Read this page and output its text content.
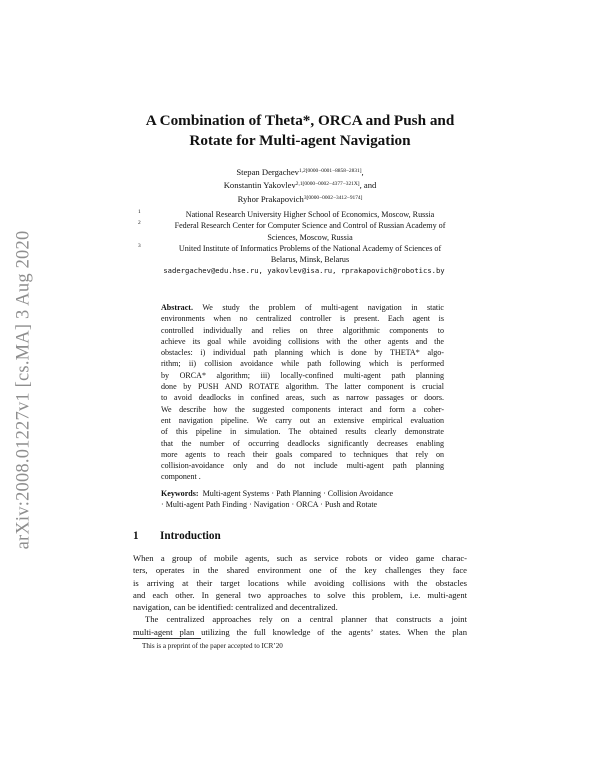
arXiv:2008.01227v1 [cs.MA] 3 Aug 2020
A Combination of Theta*, ORCA and Push and
Rotate for Multi-agent Navigation
Stepan Dergachev$^{1,2[0000-0001-8858-2831]}$,
Konstantin Yakovlev$^{2,1[0000-0002-4377-321X]}$, and
Ryhor Prakapovich$^{3[0000-0002-3412-9174]}$
1	National Research University Higher School of Economics, Moscow, Russia
2	Federal Research Center for Computer Science and Control of Russian Academy of
Sciences, Moscow, Russia
3	United Institute of Informatics Problems of the National Academy of Sciences of
Belarus, Minsk, Belarus
sadergachev@edu.hse.ru, yakovlev@isa.ru, rprakapovich@robotics.by
Abstract. We study the problem of multi-agent navigation in static
environments when no centralized controller is present. Each agent is
controlled individually and relies on three algorithmic components to
achieve its goal while avoiding collisions with the other agents and the
obstacles: i) individual path planning which is done by THETA* algo-
rithm; ii) collision avoidance while path following which is performed
by ORCA* algorithm; iii) locally-confined multi-agent path planning
done by PUSH AND ROTATE algorithm. The latter component is crucial
to avoid deadlocks in confined areas, such as narrow passages or doors.
We describe how the suggested components interact and form a coher-
ent navigation pipeline. We carry out an extensive empirical evaluation
of this pipeline in simulation. The obtained results clearly demonstrate
that the number of occurring deadlocks significantly decreases enabling
more agents to reach their goals compared to techniques that rely on
collision-avoidance only and do not include multi-agent path planning
component .
Keywords: Multi-agent Systems · Path Planning · Collision Avoidance
· Multi-agent Path Finding · Navigation · ORCA · Push and Rotate
1 Introduction
When a group of mobile agents, such as service robots or video game charac-
ters, operates in the shared environment one of the key challenges they face
is arriving at their target locations while avoiding collisions with the obstacles
and each other. In general two approaches to solve this problem, i.e. multi-agent
navigation, can be identified: centralized and decentralized.
The centralized approaches rely on a central planner that constructs a joint
multi-agent plan utilizing the full knowledge of the agents’ states. When the plan
This is a preprint of the paper accepted to ICR’20
